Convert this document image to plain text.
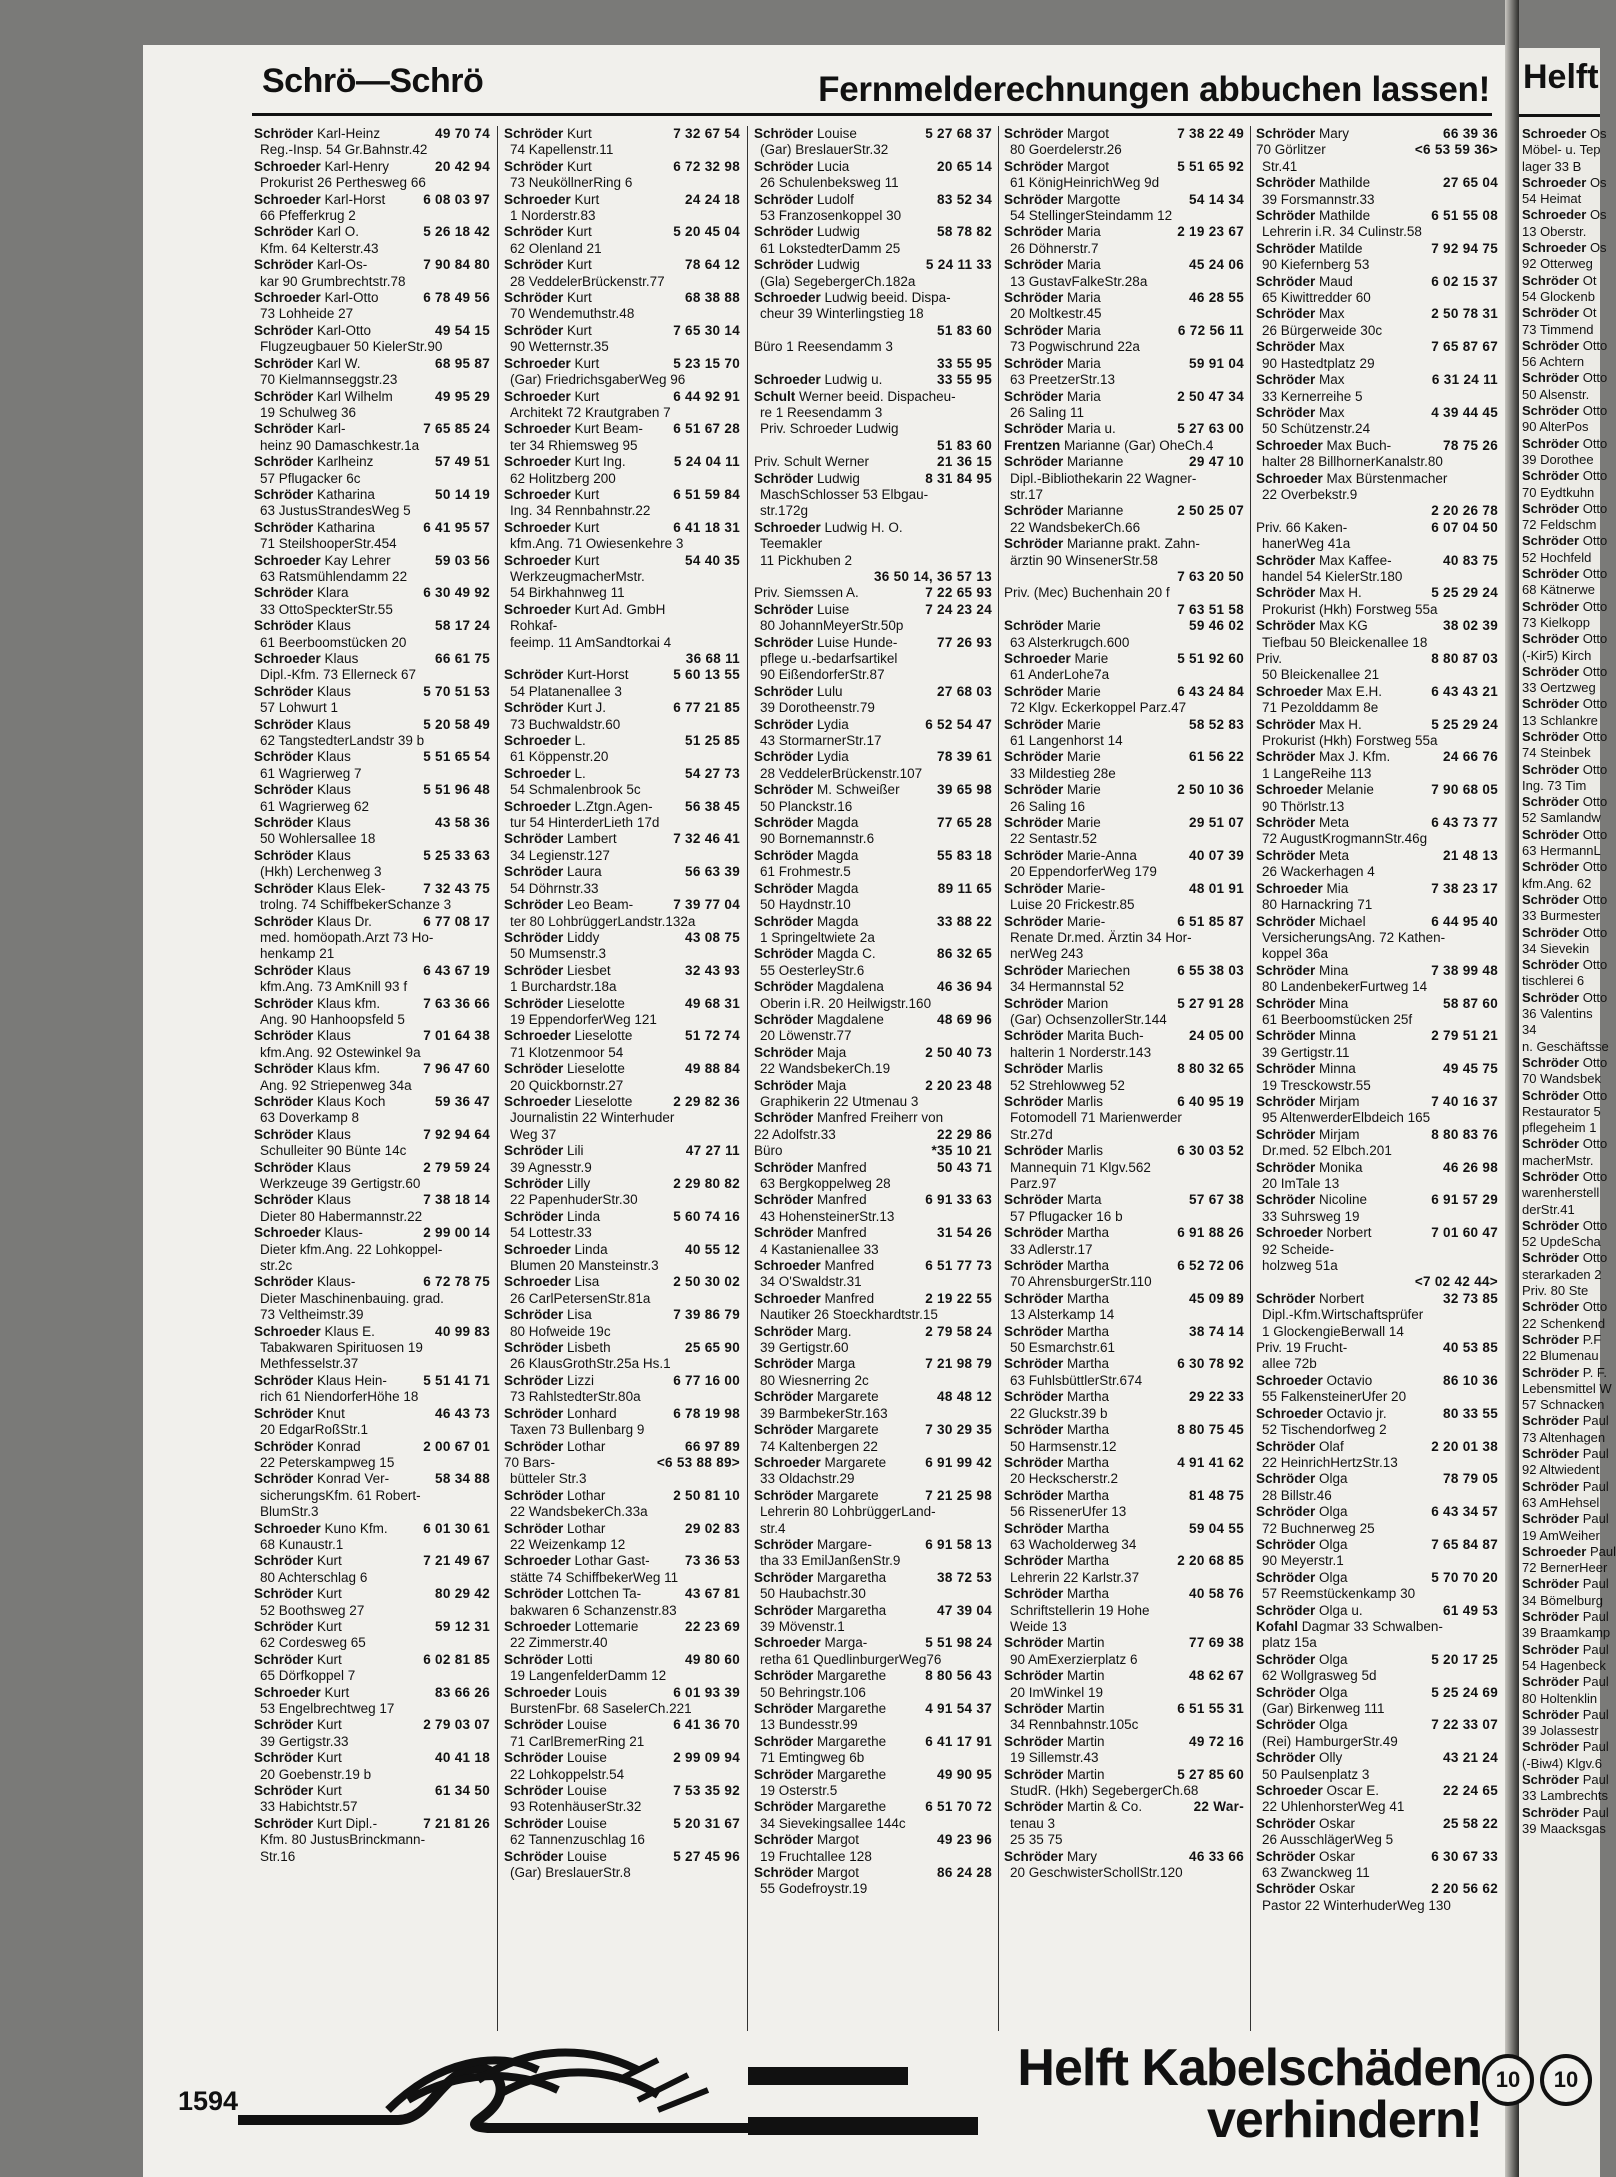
Helft
Schroeder Os
Möbel- u. Tep
lager 33 B
Schroeder Os
54 Heimat
Schroeder Os
13 Oberstr.
Schroeder Os
92 Otterweg
Schröder Ot
54 Glockenb
Schröder Ot
73 Timmend
Schröder Otto
56 Achtern
Schröder Otto
50 Alsenstr.
Schröder Otto
90 AlterPos
Schröder Otto
39 Dorothee
Schröder Otto
70 Eydtkuhn
Schröder Otto
72 Feldschm
Schröder Otto
52 Hochfeld
Schröder Otto
68 Kätnerwe
Schröder Otto
73 Kielkopp
Schröder Otto
(-Kir5) Kirch
Schröder Otto
33 Oertzweg
Schröder Otto
13 Schlankre
Schröder Otto
74 Steinbek
Schröder Otto
Ing. 73 Tim
Schröder Otto
52 Samlandw
Schröder Otto
63 HermannL
Schröder Otto
kfm.Ang. 62
Schröder Otto
33 Burmester
Schröder Otto
34 Sievekin
Schröder Otto
tischlerei 6
Schröder Otto
36 Valentins
34
n. Geschäftsse
Schröder Otto
70 Wandsbek
Schröder Otto
Restaurator 5
pflegeheim 1
Schröder Otto
macherMstr.
Schröder Otto
warenherstell
derStr.41
Schröder Otto
52 UpdeScha
Schröder Otto
sterarkaden 2
Priv. 80 Ste
Schröder Otto
22 Schenkend
Schröder P.F
22 Blumenau
Schröder P. F.
Lebensmittel W
57 Schnacken
Schröder Paul
73 Altenhagen
Schröder Paul
92 Altwiedent
Schröder Paul
63 AmHehsel
Schröder Paul
19 AmWeiher
Schroeder Paul
72 BernerHeer
Schröder Paul
34 Bömelburg
Schröder Paul
39 Braamkamp
Schröder Paul
54 Hagenbeck
Schröder Paul
80 Holtenklin
Schröder Paul
39 Jolassestr
Schröder Paul
(-Biw4) Klgv.6
Schröder Paul
33 Lambrechts
Schröder Paul
39 Maacksgas
Schrö—Schrö	Fernmelderechnungen abbuchen lassen!
Schröder Karl-Heinz	49 70 74
Reg.-Insp. 54 Gr.Bahnstr.42
Schroeder Karl-Henry	20 42 94
Prokurist 26 Perthesweg 66
Schroeder Karl-Horst	6 08 03 97
66 Pfefferkrug 2
Schröder Karl O.	5 26 18 42
Kfm. 64 Kelterstr.43
Schröder Karl-Os-	7 90 84 80
kar 90 Grumbrechtstr.78
Schroeder Karl-Otto	6 78 49 56
73 Lohheide 27
Schröder Karl-Otto	49 54 15
Flugzeugbauer 50 KielerStr.90
Schröder Karl W.	68 95 87
70 Kielmannseggstr.23
Schröder Karl Wilhelm	49 95 29
19 Schulweg 36
Schröder Karl-	7 65 85 24
heinz 90 Damaschkestr.1a
Schröder Karlheinz	57 49 51
57 Pflugacker 6c
Schröder Katharina	50 14 19
63 JustusStrandesWeg 5
Schröder Katharina	6 41 95 57
71 SteilshooperStr.454
Schroeder Kay Lehrer	59 03 56
63 Ratsmühlendamm 22
Schröder Klara	6 30 49 92
33 OttoSpeckterStr.55
Schröder Klaus	58 17 24
61 Beerboomstücken 20
Schroeder Klaus	66 61 75
Dipl.-Kfm. 73 Ellerneck 67
Schröder Klaus	5 70 51 53
57 Lohwurt 1
Schröder Klaus	5 20 58 49
62 TangstedterLandstr 39 b
Schröder Klaus	5 51 65 54
61 Wagrierweg 7
Schröder Klaus	5 51 96 48
61 Wagrierweg 62
Schröder Klaus	43 58 36
50 Wohlersallee 18
Schröder Klaus	5 25 33 63
(Hkh) Lerchenweg 3
Schröder Klaus Elek-	7 32 43 75
trolng. 74 SchiffbekerSchanze 3
Schröder Klaus Dr.	6 77 08 17
med. homöopath.Arzt 73 Ho-
henkamp 21
Schröder Klaus	6 43 67 19
kfm.Ang. 73 AmKnill 93 f
Schröder Klaus kfm.	7 63 36 66
Ang. 90 Hanhoopsfeld 5
Schröder Klaus	7 01 64 38
kfm.Ang. 92 Ostewinkel 9a
Schröder Klaus kfm.	7 96 47 60
Ang. 92 Striepenweg 34a
Schröder Klaus Koch	59 36 47
63 Doverkamp 8
Schröder Klaus	7 92 94 64
Schulleiter 90 Bünte 14c
Schröder Klaus	2 79 59 24
Werkzeuge 39 Gertigstr.60
Schröder Klaus	7 38 18 14
Dieter 80 Habermannstr.22
Schroeder Klaus-	2 99 00 14
Dieter kfm.Ang. 22 Lohkoppel-
str.2c
Schröder Klaus-	6 72 78 75
Dieter Maschinenbauing. grad.
73 Veltheimstr.39
Schroeder Klaus E.	40 99 83
Tabakwaren Spirituosen 19
Methfesselstr.37
Schröder Klaus Hein-	5 51 41 71
rich 61 NiendorferHöhe 18
Schröder Knut	46 43 73
20 EdgarRoßStr.1
Schröder Konrad	2 00 67 01
22 Peterskampweg 15
Schröder Konrad Ver-	58 34 88
sicherungsKfm. 61 Robert-
BlumStr.3
Schroeder Kuno Kfm.	6 01 30 61
68 Kunaustr.1
Schröder Kurt	7 21 49 67
80 Achterschlag 6
Schröder Kurt	80 29 42
52 Boothsweg 27
Schröder Kurt	59 12 31
62 Cordesweg 65
Schröder Kurt	6 02 81 85
65 Dörfkoppel 7
Schroeder Kurt	83 66 26
53 Engelbrechtweg 17
Schröder Kurt	2 79 03 07
39 Gertigstr.33
Schröder Kurt	40 41 18
20 Goebenstr.19 b
Schröder Kurt	61 34 50
33 Habichtstr.57
Schröder Kurt Dipl.-	7 21 81 26
Kfm. 80 JustusBrinckmann-
Str.16
Schröder Kurt	7 32 67 54
74 Kapellenstr.11
Schröder Kurt	6 72 32 98
73 NeuköllnerRing 6
Schroeder Kurt	24 24 18
1 Norderstr.83
Schröder Kurt	5 20 45 04
62 Olenland 21
Schröder Kurt	78 64 12
28 VeddelerBrückenstr.77
Schröder Kurt	68 38 88
70 Wendemuthstr.48
Schröder Kurt	7 65 30 14
90 Wetternstr.35
Schroeder Kurt	5 23 15 70
(Gar) FriedrichsgaberWeg 96
Schroeder Kurt	6 44 92 91
Architekt 72 Krautgraben 7
Schroeder Kurt Beam-	6 51 67 28
ter 34 Rhiemsweg 95
Schroeder Kurt Ing.	5 24 04 11
62 Holitzberg 200
Schroeder Kurt	6 51 59 84
Ing. 34 Rennbahnstr.22
Schroeder Kurt	6 41 18 31
kfm.Ang. 71 Owiesenkehre 3
Schroeder Kurt	54 40 35
WerkzeugmacherMstr.
54 Birkhahnweg 11
Schroeder Kurt Ad. GmbH
Rohkaf-
feeimp. 11 AmSandtorkai 4
36 68 11
Schröder Kurt-Horst	5 60 13 55
54 Platanenallee 3
Schröder Kurt J.	6 77 21 85
73 Buchwaldstr.60
Schroeder L.	51 25 85
61 Köppenstr.20
Schroeder L.	54 27 73
54 Schmalenbrook 5c
Schroeder L.Ztgn.Agen-	56 38 45
tur 54 HinterderLieth 17d
Schröder Lambert	7 32 46 41
34 Legienstr.127
Schröder Laura	56 63 39
54 Döhrnstr.33
Schröder Leo Beam-	7 39 77 04
ter 80 LohbrüggerLandstr.132a
Schröder Liddy	43 08 75
50 Mumsenstr.3
Schröder Liesbet	32 43 93
1 Burchardstr.18a
Schröder Lieselotte	49 68 31
19 EppendorferWeg 121
Schroeder Lieselotte	51 72 74
71 Klotzenmoor 54
Schröder Lieselotte	49 88 84
20 Quickbornstr.27
Schroeder Lieselotte	2 29 82 36
Journalistin 22 Winterhuder
Weg 37
Schröder Lili	47 27 11
39 Agnesstr.9
Schröder Lilly	2 29 80 82
22 PapenhuderStr.30
Schröder Linda	5 60 74 16
54 Lottestr.33
Schroeder Linda	40 55 12
Blumen 20 Mansteinstr.3
Schroeder Lisa	2 50 30 02
26 CarlPetersenStr.81a
Schröder Lisa	7 39 86 79
80 Hofweide 19c
Schröder Lisbeth	25 65 90
26 KlausGrothStr.25a Hs.1
Schröder Lizzi	6 77 16 00
73 RahlstedterStr.80a
Schröder Lonhard	6 78 19 98
Taxen 73 Bullenbarg 9
Schröder Lothar	66 97 89
70 Bars-	<6 53 88 89>
bütteler Str.3
Schröder Lothar	2 50 81 10
22 WandsbekerCh.33a
Schröder Lothar	29 02 83
22 Weizenkamp 12
Schroeder Lothar Gast-	73 36 53
stätte 74 SchiffbekerWeg 11
Schröder Lottchen Ta-	43 67 81
bakwaren 6 Schanzenstr.83
Schroeder Lottemarie	22 23 69
22 Zimmerstr.40
Schröder Lotti	49 80 60
19 LangenfelderDamm 12
Schroeder Louis	6 01 93 39
BurstenFbr. 68 SaselerCh.221
Schröder Louise	6 41 36 70
71 CarlBremerRing 21
Schröder Louise	2 99 09 94
22 Lohkoppelstr.54
Schröder Louise	7 53 35 92
93 RotenhäuserStr.32
Schröder Louise	5 20 31 67
62 Tannenzuschlag 16
Schröder Louise	5 27 45 96
(Gar) BreslauerStr.8
Schröder Louise	5 27 68 37
(Gar) BreslauerStr.32
Schröder Lucia	20 65 14
26 Schulenbeksweg 11
Schröder Ludolf	83 52 34
53 Franzosenkoppel 30
Schröder Ludwig	58 78 82
61 LokstedterDamm 25
Schröder Ludwig	5 24 11 33
(Gla) SegebergerCh.182a
Schroeder Ludwig beeid. Dispa-
cheur 39 Winterlingstieg 18
51 83 60
Büro 1 Reesendamm 3
33 55 95
Schroeder Ludwig u.	33 55 95
Schult Werner beeid. Dispacheu-
re 1 Reesendamm 3
Priv. Schroeder Ludwig
51 83 60
Priv. Schult Werner	21 36 15
Schröder Ludwig	8 31 84 95
MaschSchlosser 53 Elbgau-
str.172g
Schroeder Ludwig H. O.
Teemakler
11 Pickhuben 2
36 50 14, 36 57 13
Priv. Siemssen A.	7 22 65 93
Schröder Luise	7 24 23 24
80 JohannMeyerStr.50p
Schröder Luise Hunde-	77 26 93
pflege u.-bedarfsartikel
90 EißendorferStr.87
Schröder Lulu	27 68 03
39 Dorotheenstr.79
Schröder Lydia	6 52 54 47
43 StormarnerStr.17
Schröder Lydia	78 39 61
28 VeddelerBrückenstr.107
Schröder M. Schweißer	39 65 98
50 Planckstr.16
Schröder Magda	77 65 28
90 Bornemannstr.6
Schröder Magda	55 83 18
61 Frohmestr.5
Schröder Magda	89 11 65
50 Haydnstr.10
Schröder Magda	33 88 22
1 Springeltwiete 2a
Schröder Magda C.	86 32 65
55 OesterleyStr.6
Schröder Magdalena	46 36 94
Oberin i.R. 20 Heilwigstr.160
Schröder Magdalene	48 69 96
20 Löwenstr.77
Schröder Maja	2 50 40 73
22 WandsbekerCh.19
Schröder Maja	2 20 23 48
Graphikerin 22 Utmenau 3
Schröder Manfred Freiherr von
22 Adolfstr.33	22 29 86
Büro	*35 10 21
Schröder Manfred	50 43 71
63 Bergkoppelweg 28
Schröder Manfred	6 91 33 63
43 HohensteinerStr.13
Schröder Manfred	31 54 26
4 Kastanienallee 33
Schroeder Manfred	6 51 77 73
34 O'Swaldstr.31
Schroeder Manfred	2 19 22 55
Nautiker 26 Stoeckhardtstr.15
Schröder Marg.	2 79 58 24
39 Gertigstr.60
Schröder Marga	7 21 98 79
80 Wiesnerring 2c
Schröder Margarete	48 48 12
39 BarmbekerStr.163
Schröder Margarete	7 30 29 35
74 Kaltenbergen 22
Schroeder Margarete	6 91 99 42
33 Oldachstr.29
Schröder Margarete	7 21 25 98
Lehrerin 80 LohbrüggerLand-
str.4
Schröder Margare-	6 91 58 13
tha 33 EmilJanßenStr.9
Schröder Margaretha	38 72 53
50 Haubachstr.30
Schröder Margaretha	47 39 04
39 Mövenstr.1
Schroeder Marga-	5 51 98 24
retha 61 QuedlinburgerWeg76
Schröder Margarethe	8 80 56 43
50 Behringstr.106
Schröder Margarethe	4 91 54 37
13 Bundesstr.99
Schröder Margarethe	6 41 17 91
71 Emtingweg 6b
Schröder Margarethe	49 90 95
19 Osterstr.5
Schröder Margarethe	6 51 70 72
34 Sievekingsallee 144c
Schröder Margot	49 23 96
19 Fruchtallee 128
Schröder Margot	86 24 28
55 Godefroystr.19
Schröder Margot	7 38 22 49
80 Goerdelerstr.26
Schröder Margot	5 51 65 92
61 KönigHeinrichWeg 9d
Schröder Margotte	54 14 34
54 StellingerSteindamm 12
Schröder Maria	2 19 23 67
26 Döhnerstr.7
Schröder Maria	45 24 06
13 GustavFalkeStr.28a
Schröder Maria	46 28 55
20 Moltkestr.45
Schröder Maria	6 72 56 11
73 Pogwischrund 22a
Schröder Maria	59 91 04
63 PreetzerStr.13
Schröder Maria	2 50 47 34
26 Saling 11
Schröder Maria u.	5 27 63 00
Frentzen Marianne (Gar) OheCh.4
Schröder Marianne	29 47 10
Dipl.-Bibliothekarin 22 Wagner-
str.17
Schröder Marianne	2 50 25 07
22 WandsbekerCh.66
Schröder Marianne prakt. Zahn-
ärztin 90 WinsenerStr.58
7 63 20 50
Priv. (Mec) Buchenhain 20 f
7 63 51 58
Schröder Marie	59 46 02
63 Alsterkrugch.600
Schroeder Marie	5 51 92 60
61 AnderLohe7a
Schröder Marie	6 43 24 84
72 Klgv. Eckerkoppel Parz.47
Schröder Marie	58 52 83
61 Langenhorst 14
Schröder Marie	61 56 22
33 Mildestieg 28e
Schröder Marie	2 50 10 36
26 Saling 16
Schröder Marie	29 51 07
22 Sentastr.52
Schröder Marie-Anna	40 07 39
20 EppendorferWeg 179
Schröder Marie-	48 01 91
Luise 20 Frickestr.85
Schröder Marie-	6 51 85 87
Renate Dr.med. Ärztin 34 Hor-
nerWeg 243
Schröder Mariechen	6 55 38 03
34 Hermannstal 52
Schröder Marion	5 27 91 28
(Gar) OchsenzollerStr.144
Schröder Marita Buch-	24 05 00
halterin 1 Norderstr.143
Schröder Marlis	8 80 32 65
52 Strehlowweg 52
Schröder Marlis	6 40 95 19
Fotomodell 71 Marienwerder
Str.27d
Schröder Marlis	6 30 03 52
Mannequin 71 Klgv.562
Parz.97
Schröder Marta	57 67 38
57 Pflugacker 16 b
Schröder Martha	6 91 88 26
33 Adlerstr.17
Schröder Martha	6 52 72 06
70 AhrensburgerStr.110
Schröder Martha	45 09 89
13 Alsterkamp 14
Schröder Martha	38 74 14
50 Esmarchstr.61
Schröder Martha	6 30 78 92
63 FuhlsbüttlerStr.674
Schröder Martha	29 22 33
22 Gluckstr.39 b
Schröder Martha	8 80 75 45
50 Harmsenstr.12
Schröder Martha	4 91 41 62
20 Heckscherstr.2
Schröder Martha	81 48 75
56 RissenerUfer 13
Schröder Martha	59 04 55
63 Wacholderweg 34
Schröder Martha	2 20 68 85
Lehrerin 22 Karlstr.37
Schröder Martha	40 58 76
Schriftstellerin 19 Hohe
Weide 13
Schröder Martin	77 69 38
90 AmExerzierplatz 6
Schröder Martin	48 62 67
20 ImWinkel 19
Schröder Martin	6 51 55 31
34 Rennbahnstr.105c
Schröder Martin	49 72 16
19 Sillemstr.43
Schröder Martin	5 27 85 60
StudR. (Hkh) SegebergerCh.68
Schröder Martin & Co.	22 War-
tenau 3
25 35 75
Schröder Mary	46 33 66
20 GeschwisterSchollStr.120
Schröder Mary	66 39 36
70 Görlitzer	<6 53 59 36>
Str.41
Schröder Mathilde	27 65 04
39 Forsmannstr.33
Schröder Mathilde	6 51 55 08
Lehrerin i.R. 34 Culinstr.58
Schröder Matilde	7 92 94 75
90 Kiefernberg 53
Schröder Maud	6 02 15 37
65 Kiwittredder 60
Schröder Max	2 50 78 31
26 Bürgerweide 30c
Schröder Max	7 65 87 67
90 Hastedtplatz 29
Schröder Max	6 31 24 11
33 Kernerreihe 5
Schröder Max	4 39 44 45
50 Schützenstr.24
Schroeder Max Buch-	78 75 26
halter 28 BillhornerKanalstr.80
Schroeder Max Bürstenmacher
22 Overbekstr.9
2 20 26 78
Priv. 66 Kaken-	6 07 04 50
hanerWeg 41a
Schröder Max Kaffee-	40 83 75
handel 54 KielerStr.180
Schröder Max H.	5 25 29 24
Prokurist (Hkh) Forstweg 55a
Schröder Max KG	38 02 39
Tiefbau 50 Bleickenallee 18
Priv.	8 80 87 03
50 Bleickenallee 21
Schroeder Max E.H.	6 43 43 21
71 Pezolddamm 8e
Schröder Max H.	5 25 29 24
Prokurist (Hkh) Forstweg 55a
Schröder Max J. Kfm.	24 66 76
1 LangeReihe 113
Schroeder Melanie	7 90 68 05
90 Thörlstr.13
Schröder Meta	6 43 73 77
72 AugustKrogmannStr.46g
Schröder Meta	21 48 13
26 Wackerhagen 4
Schroeder Mia	7 38 23 17
80 Harnackring 71
Schröder Michael	6 44 95 40
VersicherungsAng. 72 Kathen-
koppel 36a
Schröder Mina	7 38 99 48
80 LandenbekerFurtweg 14
Schröder Mina	58 87 60
61 Beerboomstücken 25f
Schröder Minna	2 79 51 21
39 Gertigstr.11
Schröder Minna	49 45 75
19 Tresckowstr.55
Schröder Mirjam	7 40 16 37
95 AltenwerderElbdeich 165
Schröder Mirjam	8 80 83 76
Dr.med. 52 Elbch.201
Schröder Monika	46 26 98
20 ImTale 13
Schröder Nicoline	6 91 57 29
33 Suhrsweg 19
Schroeder Norbert	7 01 60 47
92 Scheide-
holzweg 51a
<7 02 42 44>
Schröder Norbert	32 73 85
Dipl.-Kfm.Wirtschaftsprüfer
1 GlockengieBerwall 14
Priv. 19 Frucht-	40 53 85
allee 72b
Schroeder Octavio	86 10 36
55 FalkensteinerUfer 20
Schroeder Octavio jr.	80 33 55
52 Tischendorfweg 2
Schröder Olaf	2 20 01 38
22 HeinrichHertzStr.13
Schröder Olga	78 79 05
28 Billstr.46
Schröder Olga	6 43 34 57
72 Buchnerweg 25
Schröder Olga	7 65 84 87
90 Meyerstr.1
Schröder Olga	5 70 70 20
57 Reemstückenkamp 30
Schröder Olga u.	61 49 53
Kofahl Dagmar 33 Schwalben-
platz 15a
Schröder Olga	5 20 17 25
62 Wollgrasweg 5d
Schröder Olga	5 25 24 69
(Gar) Birkenweg 111
Schröder Olga	7 22 33 07
(Rei) HamburgerStr.49
Schröder Olly	43 21 24
50 Paulsenplatz 3
Schroeder Oscar E.	22 24 65
22 UhlenhorsterWeg 41
Schröder Oskar	25 58 22
26 AusschlägerWeg 5
Schröder Oskar	6 30 67 33
63 Zwanckweg 11
Schröder Oskar	2 20 56 62
Pastor 22 WinterhuderWeg 130
Helft Kabelschäden
verhindern!
1594
10	10
